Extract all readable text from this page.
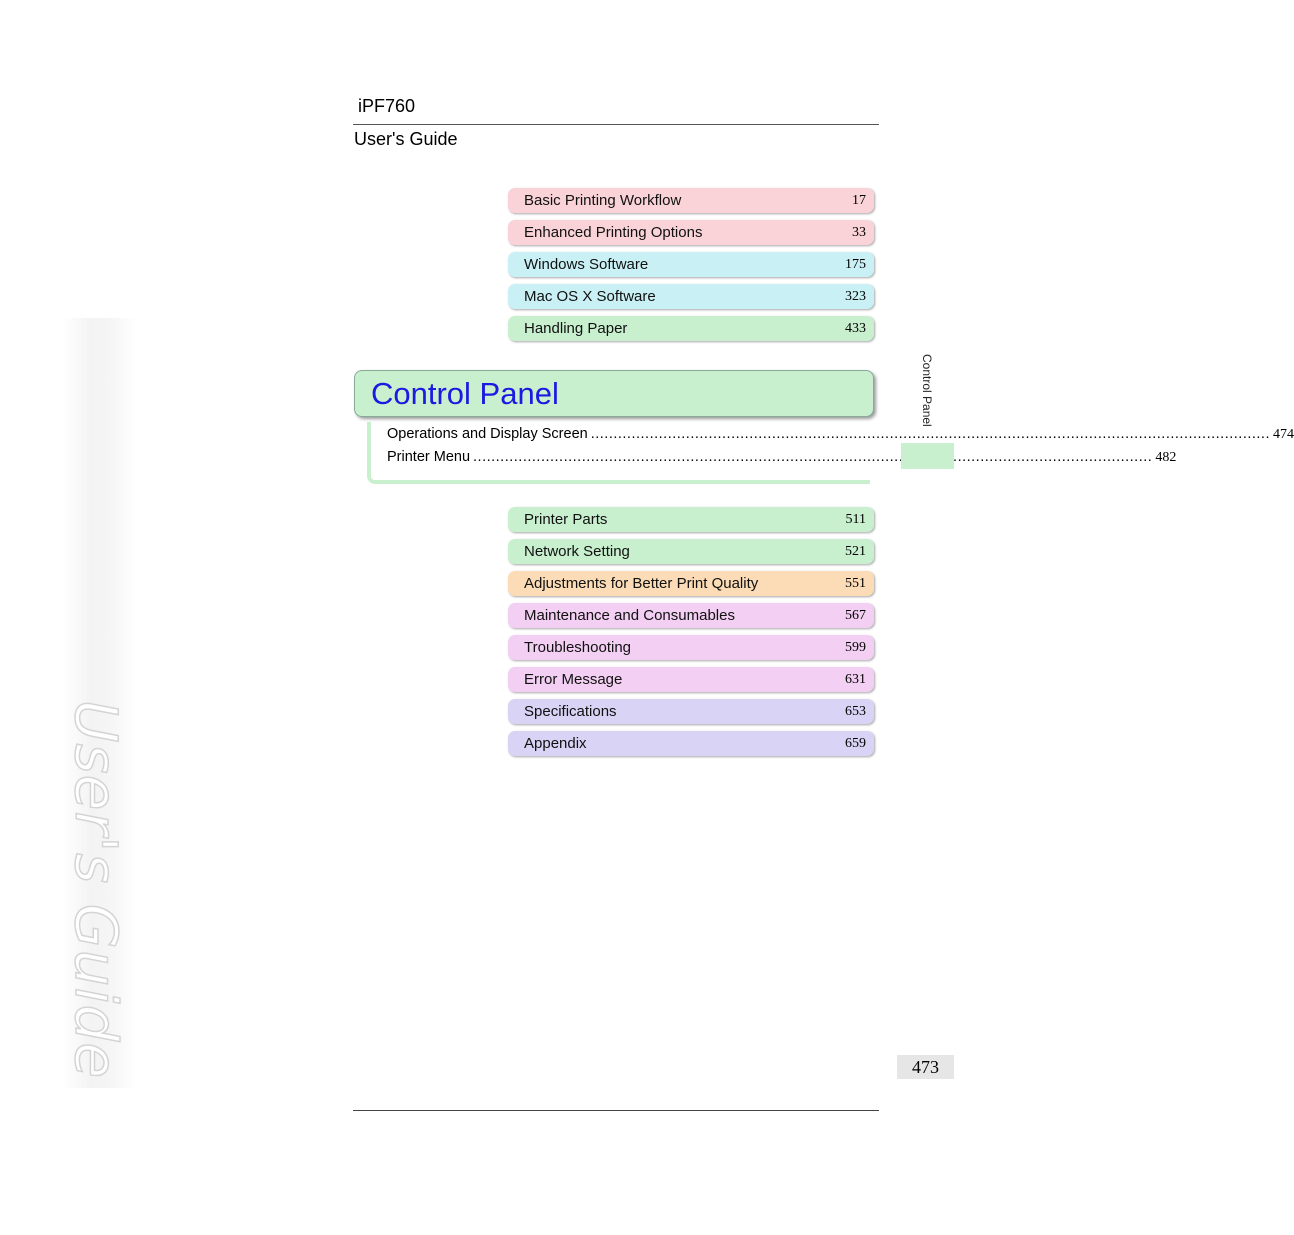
User's Guide
iPF760
User's Guide
Basic Printing Workflow	17
Enhanced Printing Options	33
Windows Software	175
Mac OS X Software	323
Handling Paper	433
Control Panel
Operations and Display Screen .....	474
Printer Menu .....	482
Printer Parts	511
Network Setting	521
Adjustments for Better Print Quality	551
Maintenance and Consumables	567
Troubleshooting	599
Error Message	631
Specifications	653
Appendix	659
Control Panel
473
